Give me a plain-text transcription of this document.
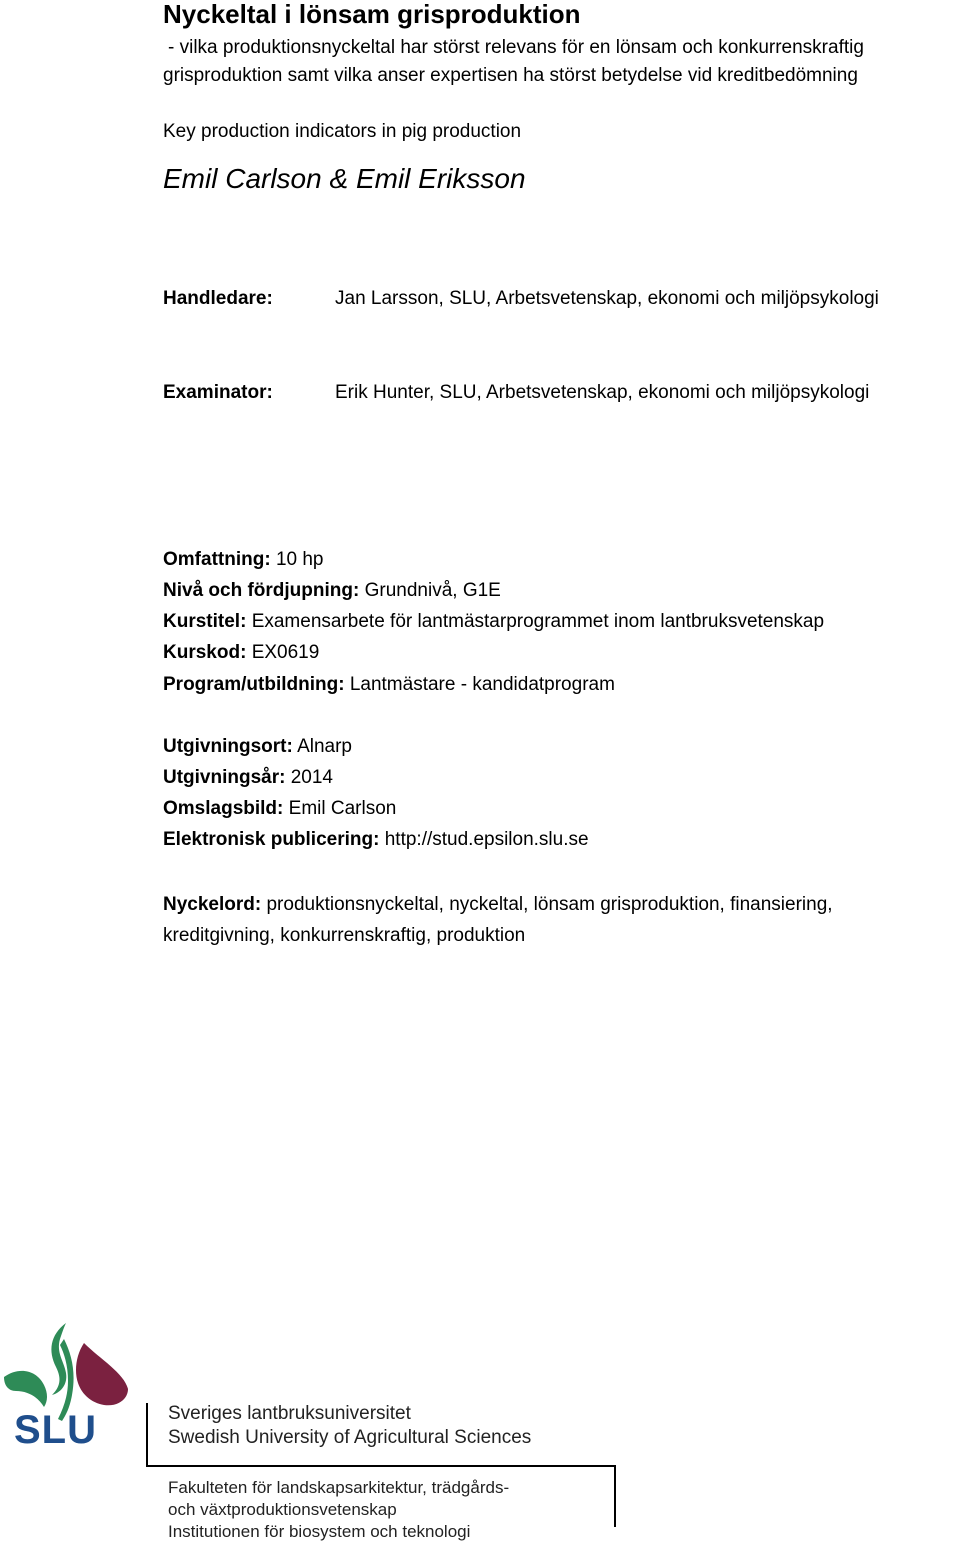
Nyckeltal i lönsam grisproduktion
- vilka produktionsnyckeltal har störst relevans för en lönsam och konkurrenskraftig
grisproduktion samt vilka anser expertisen ha störst betydelse vid kreditbedömning
Key production indicators in pig production
Emil Carlson & Emil Eriksson
Handledare:	Jan Larsson, SLU, Arbetsvetenskap, ekonomi och miljöpsykologi
Examinator:	Erik Hunter, SLU, Arbetsvetenskap, ekonomi och miljöpsykologi
Omfattning: 10 hp
Nivå och fördjupning: Grundnivå, G1E
Kurstitel: Examensarbete för lantmästarprogrammet inom lantbruksvetenskap
Kurskod: EX0619
Program/utbildning: Lantmästare - kandidatprogram
Utgivningsort: Alnarp
Utgivningsår: 2014
Omslagsbild: Emil Carlson
Elektronisk publicering: http://stud.epsilon.slu.se
Nyckelord: produktionsnyckeltal, nyckeltal, lönsam grisproduktion, finansiering, kreditgivning, konkurrenskraftig, produktion
SLU	Sveriges lantbruksuniversitet
Swedish University of Agricultural Sciences
Fakulteten för landskapsarkitektur, trädgårds-
och växtproduktionsvetenskap
Institutionen för biosystem och teknologi
